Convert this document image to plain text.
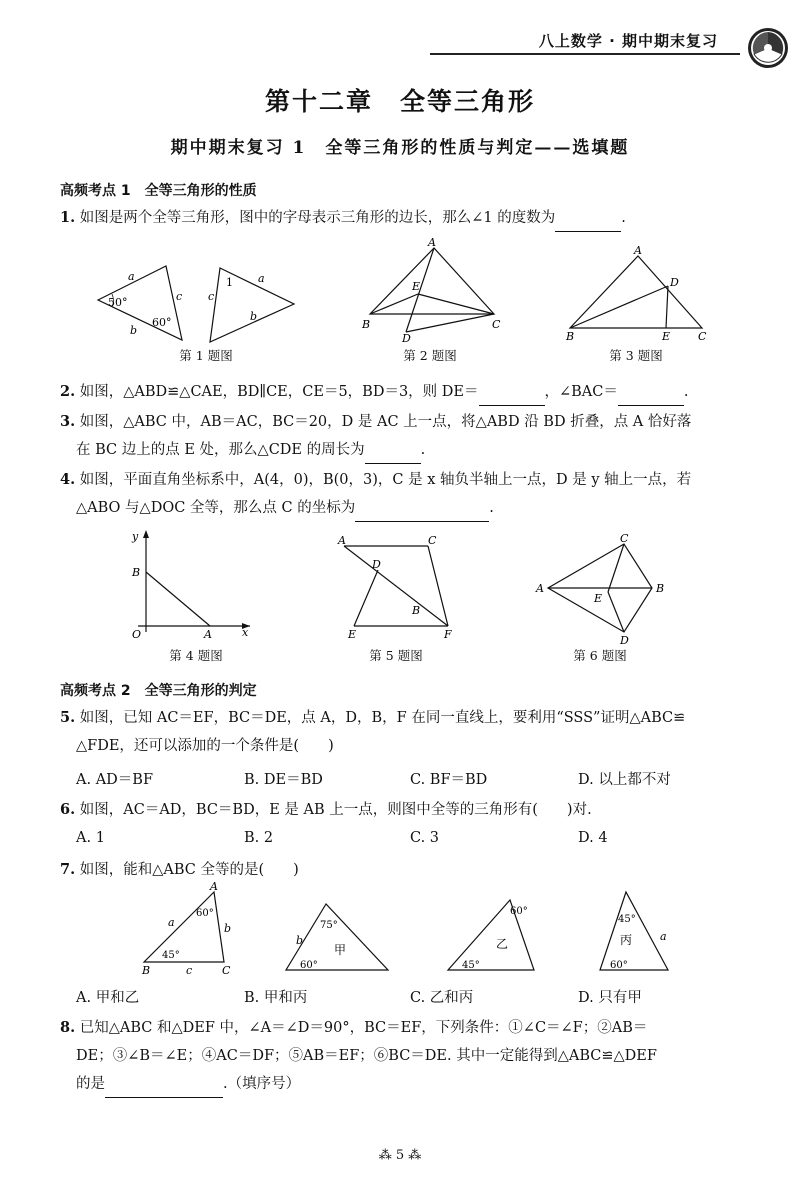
八上数学 · 期中期末复习
第十二章　全等三角形
期中期末复习 1　全等三角形的性质与判定——选填题
高频考点 1　全等三角形的性质
1. 如图是两个全等三角形，图中的字母表示三角形的边长，那么∠1 的度数为	.
a
c
b
50°
60°
c
1 a
b
第 1 题图
A
E
B
D
C
第 2 题图
A
D
B	E	C
第 3 题图
2. 如图，△ABD≌△CAE，BD∥CE，CE＝5，BD＝3，则 DE＝	，∠BAC＝	.
3. 如图，△ABC 中，AB＝AC，BC＝20，D 是 AC 上一点，将△ABD 沿 BD 折叠，点 A 恰好落
在 BC 边上的点 E 处，那么△CDE 的周长为	.
4. 如图，平面直角坐标系中，A(4，0)，B(0，3)，C 是 x 轴负半轴上一点，D 是 y 轴上一点，若
△ABO 与△DOC 全等，那么点 C 的坐标为	.
y
B
O	A	x
第 4 题图
A	C
D
B
E	F
第 5 题图
C
A
E
B
D
第 6 题图
高频考点 2　全等三角形的判定
5. 如图，已知 AC＝EF，BC＝DE，点 A，D，B，F 在同一直线上，要利用“SSS”证明△ABC≌
△FDE，还可以添加的一个条件是(　　)
A. AD＝BF	B. DE＝BD	C. BF＝BD	D. 以上都不对
6. 如图，AC＝AD，BC＝BD，E 是 AB 上一点，则图中全等的三角形有(　　)对.
A. 1	B. 2	C. 3	D. 4
7. 如图，能和△ABC 全等的是(　　)
A
a	b
60°
45°
B	c	C
75°
甲
b
60°
乙
60°
45°
45°
丙	a
60°
A. 甲和乙	B. 甲和丙	C. 乙和丙	D. 只有甲
8. 已知△ABC 和△DEF 中，∠A＝∠D＝90°，BC＝EF，下列条件：①∠C＝∠F；②AB＝
DE；③∠B＝∠E；④AC＝DF；⑤AB＝EF；⑥BC＝DE. 其中一定能得到△ABC≌△DEF
的是	.（填序号）
⁂ 5 ⁂
